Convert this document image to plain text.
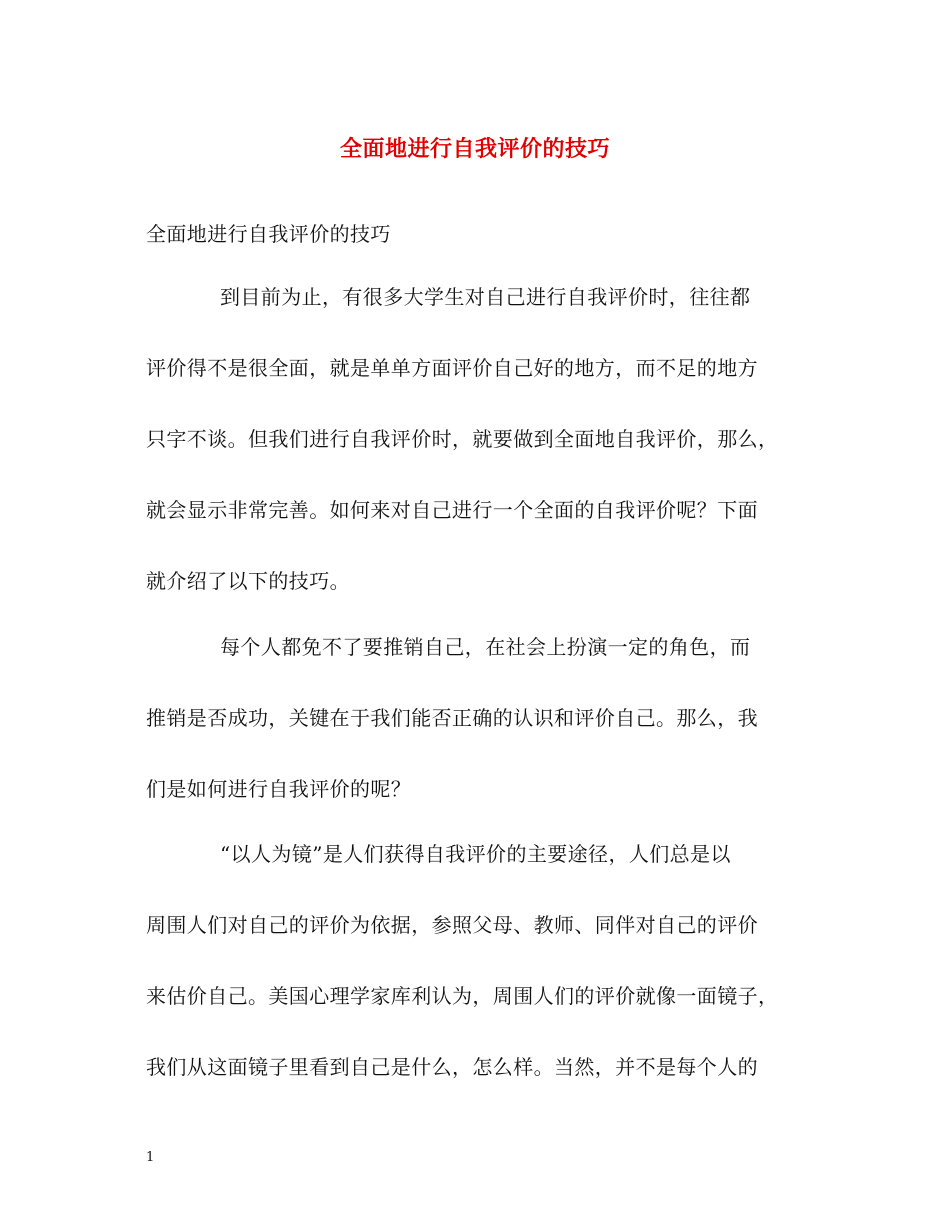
全面地进行自我评价的技巧
全面地进行自我评价的技巧
到目前为止，有很多大学生对自己进行自我评价时，往往都
评价得不是很全面，就是单单方面评价自己好的地方，而不足的地方
只字不谈。但我们进行自我评价时，就要做到全面地自我评价，那么，
就会显示非常完善。如何来对自己进行一个全面的自我评价呢？下面
就介绍了以下的技巧。
每个人都免不了要推销自己，在社会上扮演一定的角色，而
推销是否成功，关键在于我们能否正确的认识和评价自己。那么，我
们是如何进行自我评价的呢？
“以人为镜”是人们获得自我评价的主要途径，人们总是以
周围人们对自己的评价为依据，参照父母、教师、同伴对自己的评价
来估价自己。美国心理学家库利认为，周围人们的评价就像一面镜子，
我们从这面镜子里看到自己是什么，怎么样。当然，并不是每个人的
1
